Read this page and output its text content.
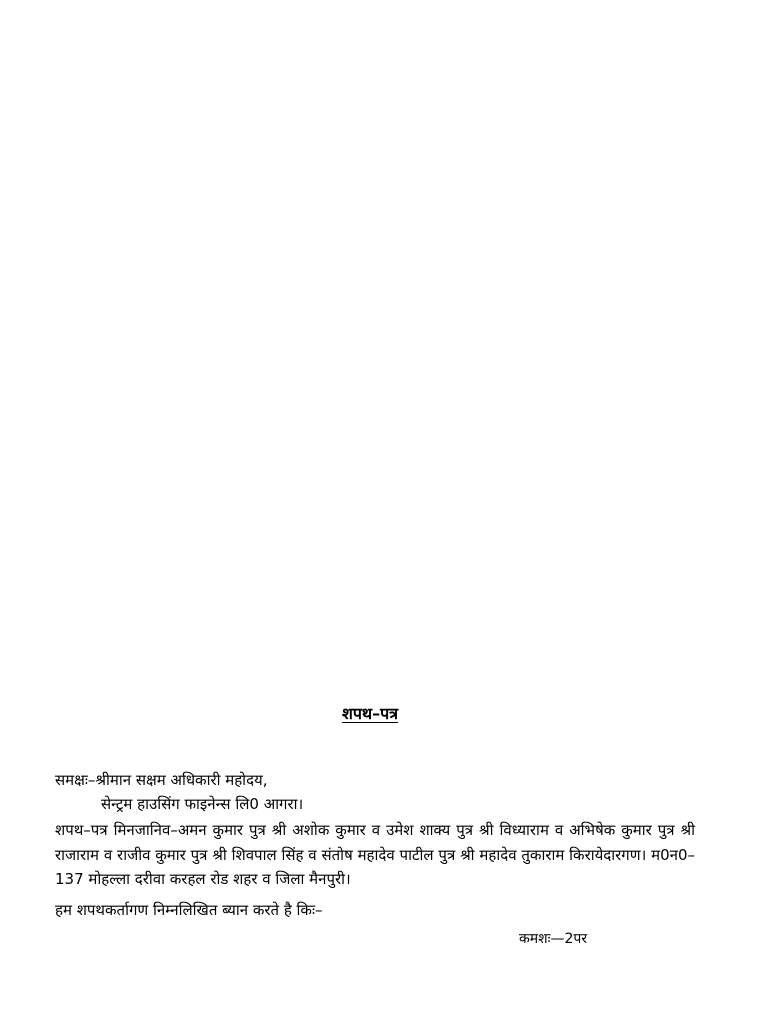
शपथ–पत्र
समक्षः–श्रीमान सक्षम अधिकारी महोदय,
सेन्ट्रम हाउसिंग फाइनेन्स लि0 आगरा।
शपथ–पत्र मिनजानिव–अमन कुमार पुत्र श्री अशोक कुमार व उमेश शाक्य पुत्र श्री विध्याराम व अभिषेक कुमार पुत्र श्री राजाराम व राजीव कुमार पुत्र श्री शिवपाल सिंह व संतोष महादेव पाटील पुत्र श्री महादेव तुकाराम किरायेदारगण। म0न0–137 मोहल्ला दरीवा करहल रोड शहर व जिला मैनपुरी।
हम शपथकर्तागण निम्नलिखित ब्यान करते है किः–
कमशः—2पर
